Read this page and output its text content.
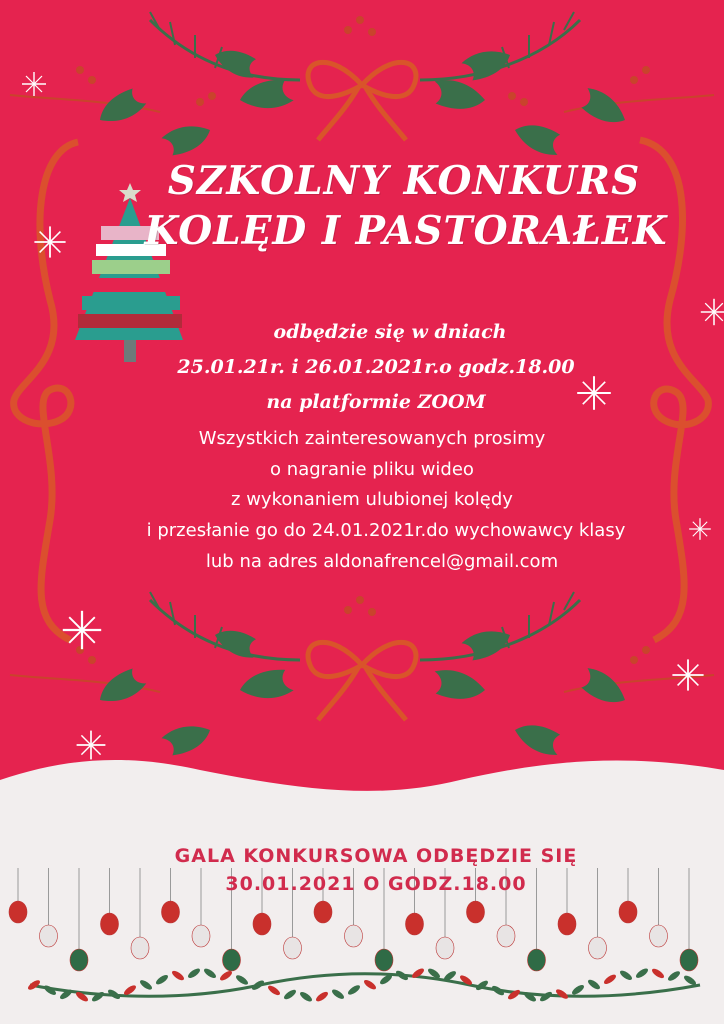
SZKOLNY KONKURS
KOLĘD I PASTORAŁEK
odbędzie się w dniach
25.01.21r. i 26.01.2021r.o godz.18.00
na platformie ZOOM
Wszystkich zainteresowanych prosimy
o nagranie pliku wideo
z wykonaniem ulubionej kolędy
i przesłanie go do 24.01.2021r.do wychowawcy klasy
lub na adres aldonafrencel@gmail.com
GALA KONKURSOWA ODBĘDZIE SIĘ
30.01.2021 O GODZ.18.00
